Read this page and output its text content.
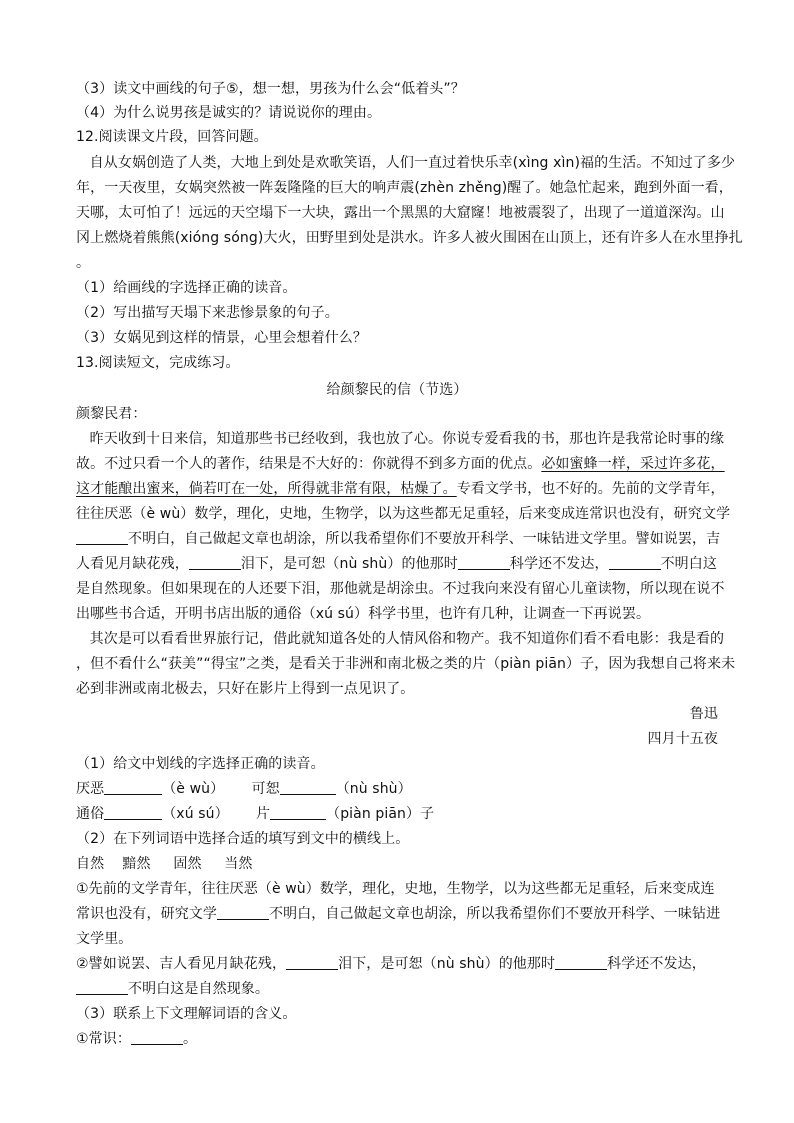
（3）读文中画线的句子⑤，想一想，男孩为什么会“低着头”？
（4）为什么说男孩是诚实的？请说说你的理由。
12.阅读课文片段，回答问题。
自从女娲创造了人类，大地上到处是欢歌笑语，人们一直过着快乐幸(xìng xìn)福的生活。不知过了多少
年，一天夜里，女娲突然被一阵轰隆隆的巨大的响声震(zhèn zhěng)醒了。她急忙起来，跑到外面一看，
天哪，太可怕了！远远的天空塌下一大块，露出一个黑黑的大窟窿！地被震裂了，出现了一道道深沟。山
冈上燃烧着熊熊(xióng sóng)大火，田野里到处是洪水。许多人被火围困在山顶上，还有许多人在水里挣扎
。
（1）给画线的字选择正确的读音。
（2）写出描写天塌下来悲惨景象的句子。
（3）女娲见到这样的情景，心里会想着什么？
13.阅读短文，完成练习。
给颜黎民的信（节选）
颜黎民君：
昨天收到十日来信，知道那些书已经收到，我也放了心。你说专爱看我的书，那也许是我常论时事的缘
故。不过只看一个人的著作，结果是不大好的：你就得不到多方面的优点。必如蜜蜂一样，采过许多花，
这才能酿出蜜来，倘若叮在一处，所得就非常有限，枯燥了。专看文学书，也不好的。先前的文学青年，
往往厌恶（è wù）数学，理化，史地，生物学，以为这些都无足重轻，后来变成连常识也没有，研究文学
不明白，自己做起文章也胡涂，所以我希望你们不要放开科学、一味钻进文学里。譬如说罢，吉
人看见月缺花残，	泪下，是可恕（nù shù）的他那时	科学还不发达，	不明白这
是自然现象。但如果现在的人还要下泪，那他就是胡涂虫。不过我向来没有留心儿童读物，所以现在说不
出哪些书合适，开明书店出版的通俗（xú sú）科学书里，也许有几种，让调查一下再说罢。
其次是可以看看世界旅行记，借此就知道各处的人情风俗和物产。我不知道你们看不看电影：我是看的
，但不看什么“获美”“得宝”之类，是看关于非洲和南北极之类的片（piàn piān）子，因为我想自己将来未
必到非洲或南北极去，只好在影片上得到一点见识了。
鲁迅
四月十五夜
（1）给文中划线的字选择正确的读音。
厌恶	（è wù）      可恕	（nù shù）
通俗	（xú sú）      片	（piàn piān）子
（2）在下列词语中选择合适的填写到文中的横线上。
自然    黯然     固然     当然
①先前的文学青年，往往厌恶（è wù）数学，理化，史地，生物学，以为这些都无足重轻，后来变成连
常识也没有，研究文学	不明白，自己做起文章也胡涂，所以我希望你们不要放开科学、一味钻进
文学里。
②譬如说罢、吉人看见月缺花残，	泪下，是可恕（nù shù）的他那时	科学还不发达，
不明白这是自然现象。
（3）联系上下文理解词语的含义。
①常识：	。
